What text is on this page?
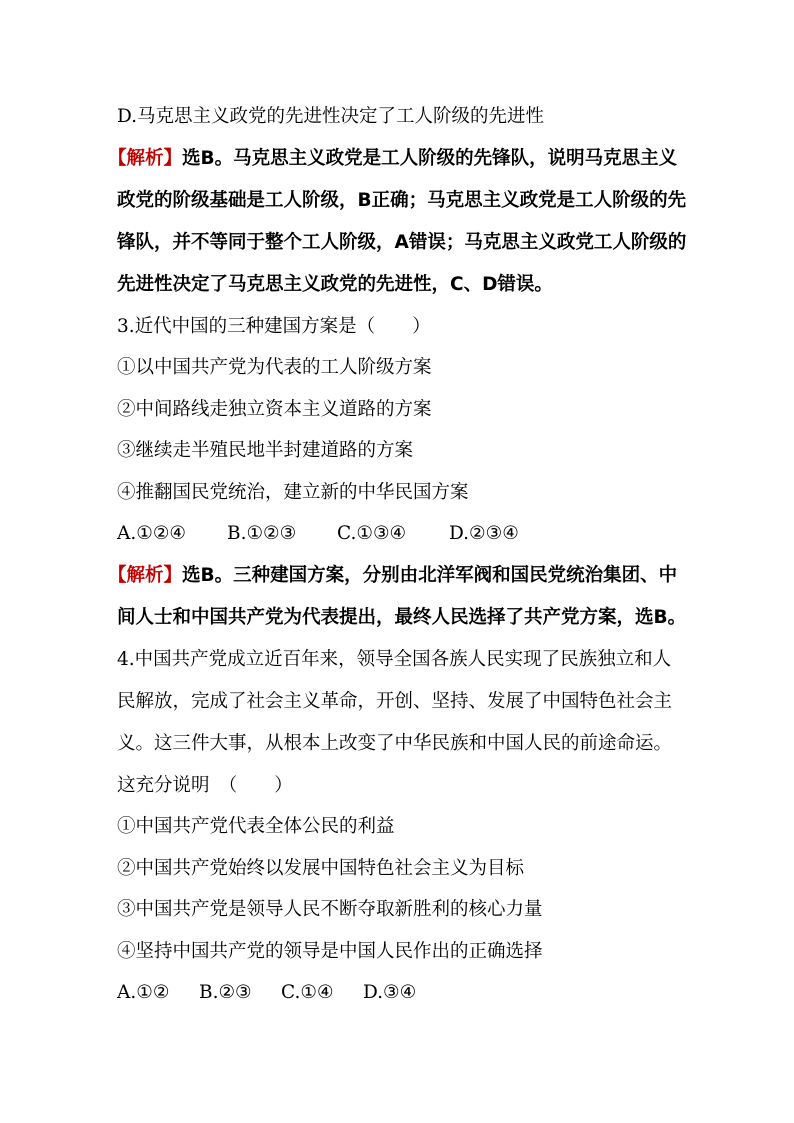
D.马克思主义政党的先进性决定了工人阶级的先进性
【解析】选B。马克思主义政党是工人阶级的先锋队，说明马克思主义
政党的阶级基础是工人阶级，B正确；马克思主义政党是工人阶级的先
锋队，并不等同于整个工人阶级，A错误；马克思主义政党工人阶级的
先进性决定了马克思主义政党的先进性，C、D错误。
3.近代中国的三种建国方案是（　　）
①以中国共产党为代表的工人阶级方案
②中间路线走独立资本主义道路的方案
③继续走半殖民地半封建道路的方案
④推翻国民党统治，建立新的中华民国方案
A.①②④ B.①②③ C.①③④ D.②③④
【解析】选B。三种建国方案，分别由北洋军阀和国民党统治集团、中
间人士和中国共产党为代表提出，最终人民选择了共产党方案，选B。
4.中国共产党成立近百年来，领导全国各族人民实现了民族独立和人
民解放，完成了社会主义革命，开创、坚持、发展了中国特色社会主
义。这三件大事，从根本上改变了中华民族和中国人民的前途命运。
这充分说明　（　　）
①中国共产党代表全体公民的利益
②中国共产党始终以发展中国特色社会主义为目标
③中国共产党是领导人民不断夺取新胜利的核心力量
④坚持中国共产党的领导是中国人民作出的正确选择
A.①② B.②③ C.①④ D.③④
